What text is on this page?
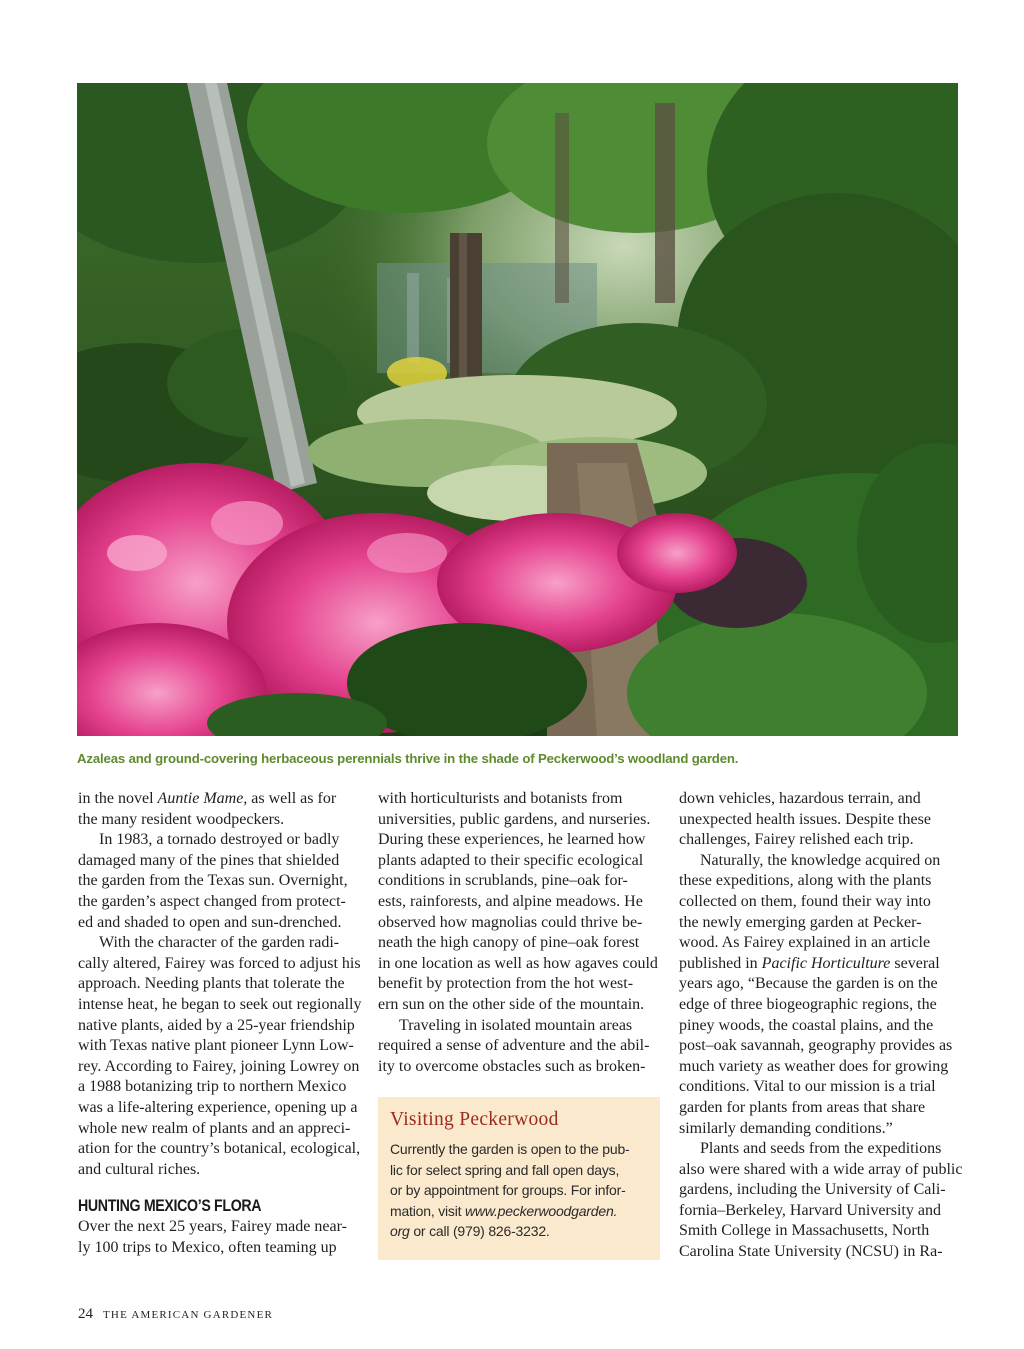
Azaleas and ground-covering herbaceous perennials thrive in the shade of Peckerwood’s woodland garden.
in the novel Auntie Mame, as well as for
the many resident woodpeckers.
In 1983, a tornado destroyed or badly
damaged many of the pines that shielded
the garden from the Texas sun. Overnight,
the garden’s aspect changed from protect-
ed and shaded to open and sun-drenched.
With the character of the garden radi-
cally altered, Fairey was forced to adjust his
approach. Needing plants that tolerate the
intense heat, he began to seek out regionally
native plants, aided by a 25-year friendship
with Texas native plant pioneer Lynn Low-
rey. According to Fairey, joining Lowrey on
a 1988 botanizing trip to northern Mexico
was a life-altering experience, opening up a
whole new realm of plants and an appreci-
ation for the country’s botanical, ecological,
and cultural riches.
HUNTING MEXICO’S FLORA
Over the next 25 years, Fairey made near-
ly 100 trips to Mexico, often teaming up
with horticulturists and botanists from
universities, public gardens, and nurseries.
During these experiences, he learned how
plants adapted to their specific ecological
conditions in scrublands, pine–oak for-
ests, rainforests, and alpine meadows. He
observed how magnolias could thrive be-
neath the high canopy of pine–oak forest
in one location as well as how agaves could
benefit by protection from the hot west-
ern sun on the other side of the mountain.
Traveling in isolated mountain areas
required a sense of adventure and the abil-
ity to overcome obstacles such as broken-
Visiting Peckerwood
Currently the garden is open to the pub-
lic for select spring and fall open days,
or by appointment for groups. For infor-
mation, visit www.peckerwoodgarden.
org or call (979) 826-3232.
down vehicles, hazardous terrain, and
unexpected health issues. Despite these
challenges, Fairey relished each trip.
Naturally, the knowledge acquired on
these expeditions, along with the plants
collected on them, found their way into
the newly emerging garden at Pecker-
wood. As Fairey explained in an article
published in Pacific Horticulture several
years ago, “Because the garden is on the
edge of three biogeographic regions, the
piney woods, the coastal plains, and the
post–oak savannah, geography provides as
much variety as weather does for growing
conditions. Vital to our mission is a trial
garden for plants from areas that share
similarly demanding conditions.”
Plants and seeds from the expeditions
also were shared with a wide array of public
gardens, including the University of Cali-
fornia–Berkeley, Harvard University and
Smith College in Massachusetts, North
Carolina State University (NCSU) in Ra-
24 THE AMERICAN GARDENER
